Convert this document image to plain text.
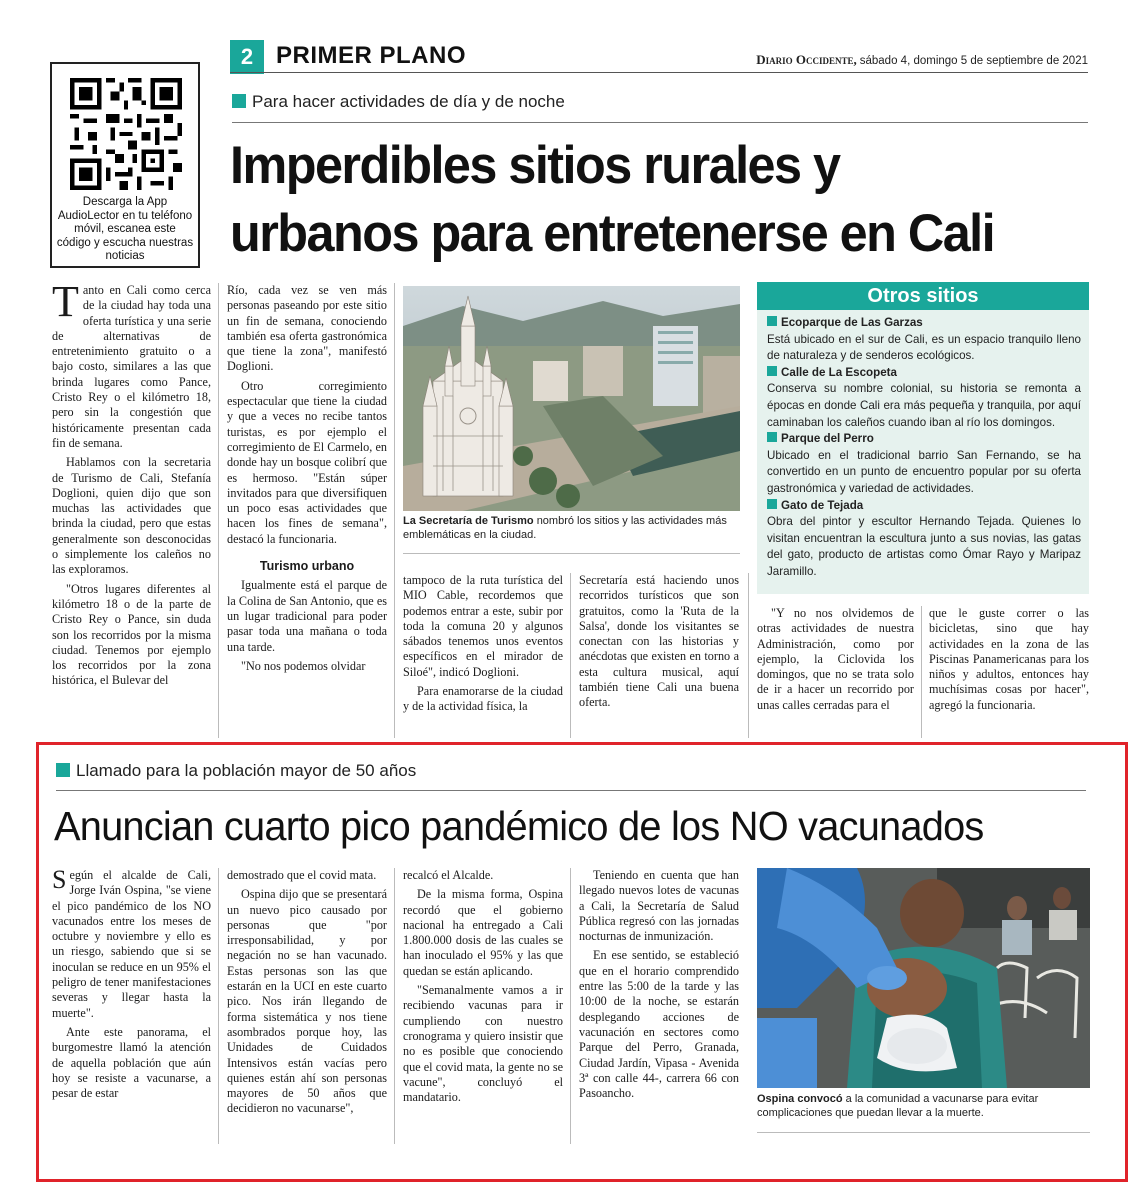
2 PRIMER PLANO	Diario Occidente, sábado 4, domingo 5 de septiembre de 2021
Descarga la App AudioLector en tu teléfono móvil, escanea este código y escucha nuestras noticias
Para hacer actividades de día y de noche
Imperdibles sitios rurales y
urbanos para entretenerse en Cali

Tanto en Cali como cerca de la ciudad hay toda una oferta turística y una serie de alternativas de entretenimiento gratuito o a bajo costo, similares a las que brinda lugares como Pance, Cristo Rey o el kilómetro 18, pero sin la congestión que históricamente presentan cada fin de semana.

Hablamos con la secretaria de Turismo de Cali, Stefanía Doglioni, quien dijo que son muchas las actividades que brinda la ciudad, pero que estas generalmente son desconocidas o simplemente los caleños no las exploramos.

"Otros lugares diferentes al kilómetro 18 o de la parte de Cristo Rey o Pance, sin duda son los recorridos por la misma ciudad. Tenemos por ejemplo los recorridos por la zona histórica, el Bulevar del

Río, cada vez se ven más personas paseando por este sitio un fin de semana, conociendo también esa oferta gastronómica que tiene la zona", manifestó Doglioni.

Otro corregimiento espectacular que tiene la ciudad y que a veces no recibe tantos turistas, es por ejemplo el corregimiento de El Carmelo, en donde hay un bosque colibrí que es hermoso. "Están súper invitados para que diversifiquen un poco esas actividades que hacen los fines de semana", destacó la funcionaria.

Turismo urbano

Igualmente está el parque de la Colina de San Antonio, que es un lugar tradicional para poder pasar toda una mañana o toda una tarde.

"No nos podemos olvidar

La Secretaría de Turismo nombró los sitios y las actividades más emblemáticas en la ciudad.

tampoco de la ruta turística del MIO Cable, recordemos que podemos entrar a este, subir por toda la comuna 20 y algunos sábados tenemos unos eventos específicos en el mirador de Siloé", indicó Doglioni.

Para enamorarse de la ciudad y de la actividad física, la

Secretaría está haciendo unos recorridos turísticos que son gratuitos, como la 'Ruta de la Salsa', donde los visitantes se conectan con las historias y anécdotas que existen en torno a esta cultura musical, aquí también tiene Cali una buena oferta.

Otros sitios
Ecoparque de Las Garzas
Está ubicado en el sur de Cali, es un espacio tranquilo lleno de naturaleza y de senderos ecológicos.
Calle de La Escopeta
Conserva su nombre colonial, su historia se remonta a épocas en donde Cali era más pequeña y tranquila, por aquí caminaban los caleños cuando iban al río los domingos.
Parque del Perro
Ubicado en el tradicional barrio San Fernando, se ha convertido en un punto de encuentro popular por su oferta gastronómica y variedad de actividades.
Gato de Tejada
Obra del pintor y escultor Hernando Tejada. Quienes lo visitan encuentran la escultura junto a sus novias, las gatas del gato, producto de artistas como Ómar Rayo y Maripaz Jaramillo.

"Y no nos olvidemos de otras actividades de nuestra Administración, como por ejemplo, la Ciclovida los domingos, que no se trata solo de ir a hacer un recorrido por unas calles cerradas para el

que le guste correr o las bicicletas, sino que hay actividades en la zona de las Piscinas Panamericanas para los niños y adultos, entonces hay muchísimas cosas por hacer", agregó la funcionaria.

Llamado para la población mayor de 50 años
Anuncian cuarto pico pandémico de los NO vacunados

Según el alcalde de Cali, Jorge Iván Ospina, "se viene el pico pandémico de los NO vacunados entre los meses de octubre y noviembre y ello es un riesgo, sabiendo que si se inoculan se reduce en un 95% el peligro de tener manifestaciones severas y llegar hasta la muerte".

Ante este panorama, el burgomestre llamó la atención de aquella población que aún hoy se resiste a vacunarse, a pesar de estar

demostrado que el covid mata.

Ospina dijo que se presentará un nuevo pico causado por personas que "por irresponsabilidad, y por negación no se han vacunado. Estas personas son las que estarán en la UCI en este cuarto pico. Nos irán llegando de forma sistemática y nos tiene asombrados porque hoy, las Unidades de Cuidados Intensivos están vacías pero quienes están ahí son personas mayores de 50 años que decidieron no vacunarse",

recalcó el Alcalde.

De la misma forma, Ospina recordó que el gobierno nacional ha entregado a Cali 1.800.000 dosis de las cuales se han inoculado el 95% y las que quedan se están aplicando.

"Semanalmente vamos a ir recibiendo vacunas para ir cumpliendo con nuestro cronograma y quiero insistir que no es posible que conociendo que el covid mata, la gente no se vacune", concluyó el mandatario.

Teniendo en cuenta que han llegado nuevos lotes de vacunas a Cali, la Secretaría de Salud Pública regresó con las jornadas nocturnas de inmunización.

En ese sentido, se estableció que en el horario comprendido entre las 5:00 de la tarde y las 10:00 de la noche, se estarán desplegando acciones de vacunación en sectores como Parque del Perro, Granada, Ciudad Jardín, Vipasa - Avenida 3ª con calle 44-, carrera 66 con Pasoancho.	Ospina convocó a la comunidad a vacunarse para evitar complicaciones que puedan llevar a la muerte.
